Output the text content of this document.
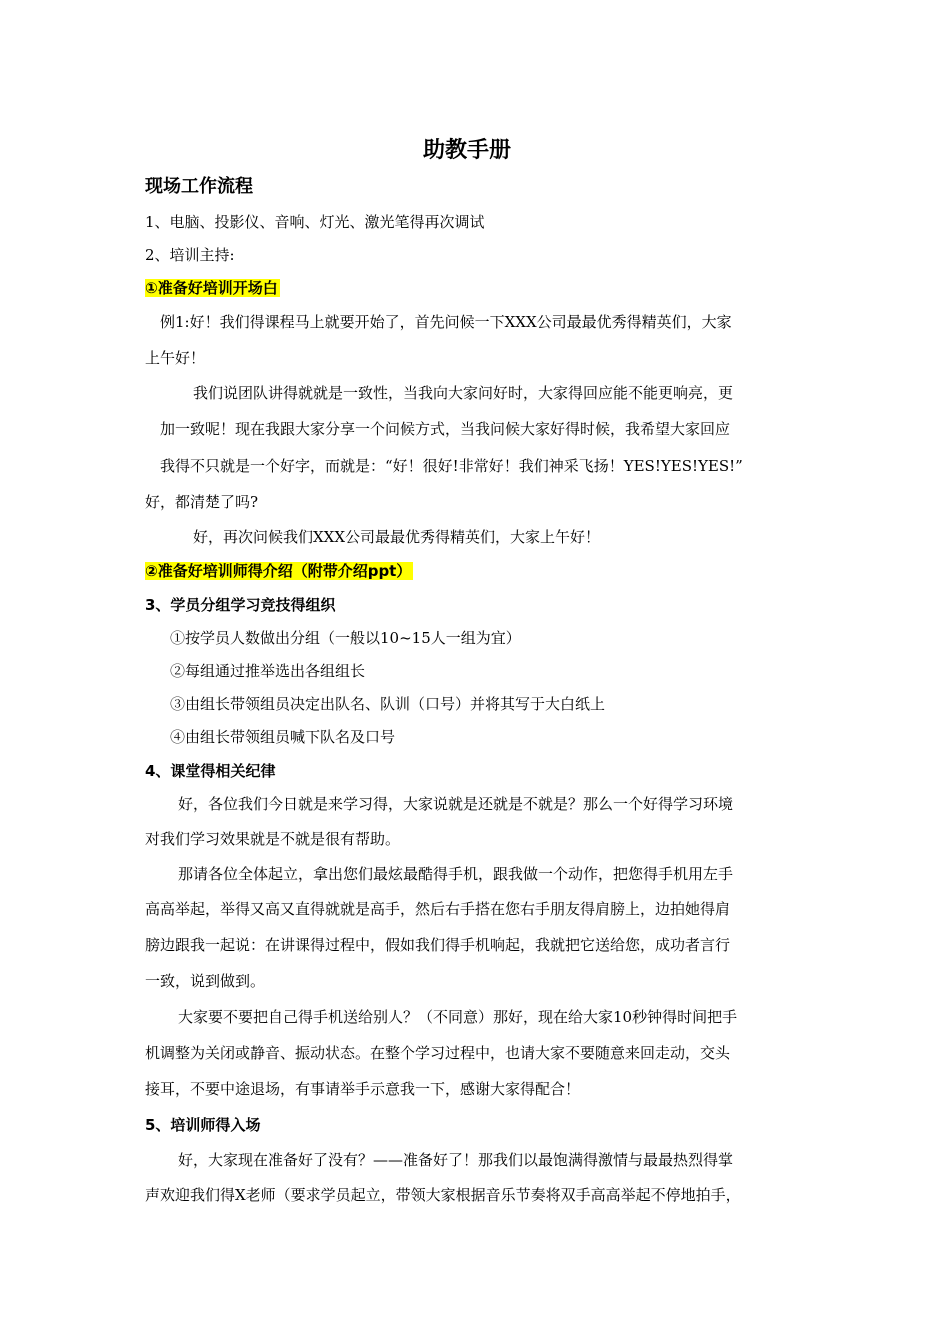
助教手册
现场工作流程
1、电脑、投影仪、音响、灯光、激光笔得再次调试
2、培训主持:
①准备好培训开场白
例1:好！我们得课程马上就要开始了，首先问候一下XXX公司最最优秀得精英们，大家
上午好！
我们说团队讲得就就是一致性，当我向大家问好时，大家得回应能不能更响亮，更
加一致呢！现在我跟大家分享一个问候方式，当我问候大家好得时候，我希望大家回应
我得不只就是一个好字，而就是：“好！很好!非常好！我们神采飞扬！YES!YES!YES!”
好，都清楚了吗?
好，再次问候我们XXX公司最最优秀得精英们，大家上午好！
②准备好培训师得介绍（附带介绍ppt）
3、学员分组学习竞技得组织
①按学员人数做出分组（一般以10~15人一组为宜）
②每组通过推举选出各组组长
③由组长带领组员决定出队名、队训（口号）并将其写于大白纸上
④由组长带领组员喊下队名及口号
4、课堂得相关纪律
好，各位我们今日就是来学习得，大家说就是还就是不就是？那么一个好得学习环境
对我们学习效果就是不就是很有帮助。
那请各位全体起立，拿出您们最炫最酷得手机，跟我做一个动作，把您得手机用左手
高高举起，举得又高又直得就就是高手，然后右手搭在您右手朋友得肩膀上，边拍她得肩
膀边跟我一起说：在讲课得过程中，假如我们得手机响起，我就把它送给您，成功者言行
一致，说到做到。
大家要不要把自己得手机送给别人？（不同意）那好，现在给大家10秒钟得时间把手
机调整为关闭或静音、振动状态。在整个学习过程中，也请大家不要随意来回走动，交头
接耳，不要中途退场，有事请举手示意我一下，感谢大家得配合！
5、培训师得入场
好，大家现在准备好了没有？——准备好了！那我们以最饱满得激情与最最热烈得掌
声欢迎我们得X老师（要求学员起立，带领大家根据音乐节奏将双手高高举起不停地拍手，
